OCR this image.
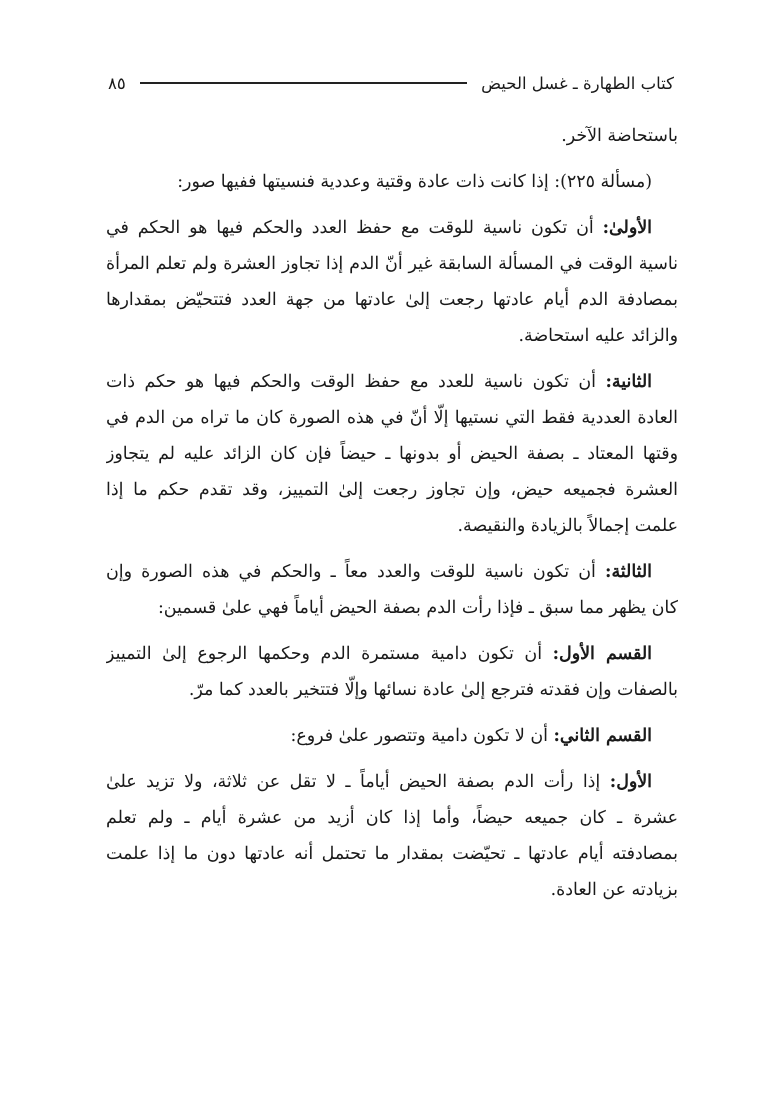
كتاب الطهارة ـ غسل الحيض
٨٥
باستحاضة الآخر.
(مسألة ٢٢٥): إذا كانت ذات عادة وقتية وعددية فنسيتها ففيها صور:
الأولىٰ: أن تكون ناسية للوقت مع حفظ العدد والحكم فيها هو الحكم في
ناسية الوقت في المسألة السابقة غير أنّ الدم إذا تجاوز العشرة ولم تعلم المرأة
بمصادفة الدم أيام عادتها رجعت إلىٰ عادتها من جهة العدد فتتحيّض بمقدارها
والزائد عليه استحاضة.
الثانية: أن تكون ناسية للعدد مع حفظ الوقت والحكم فيها هو حكم ذات
العادة العددية فقط التي نستيها إلّا أنّ في هذه الصورة كان ما تراه من الدم في
وقتها المعتاد ـ بصفة الحيض أو بدونها ـ حيضاً فإن كان الزائد عليه لم يتجاوز
العشرة فجميعه حيض، وإن تجاوز رجعت إلىٰ التمييز، وقد تقدم حكم ما إذا
علمت إجمالاً بالزيادة والنقيصة.
الثالثة: أن تكون ناسية للوقت والعدد معاً ـ والحكم في هذه الصورة وإن
كان يظهر مما سبق ـ فإذا رأت الدم بصفة الحيض أياماً فهي علىٰ قسمين:
القسم الأول: أن تكون دامية مستمرة الدم وحكمها الرجوع إلىٰ التمييز
بالصفات وإن فقدته فترجع إلىٰ عادة نسائها وإلّا فتتخير بالعدد كما مرّ.
القسم الثاني: أن لا تكون دامية وتتصور علىٰ فروع:
الأول: إذا رأت الدم بصفة الحيض أياماً ـ لا تقل عن ثلاثة، ولا تزيد علىٰ
عشرة ـ كان جميعه حيضاً، وأما إذا كان أزيد من عشرة أيام ـ ولم تعلم
بمصادفته أيام عادتها ـ تحيّضت بمقدار ما تحتمل أنه عادتها دون ما إذا علمت
بزيادته عن العادة.
